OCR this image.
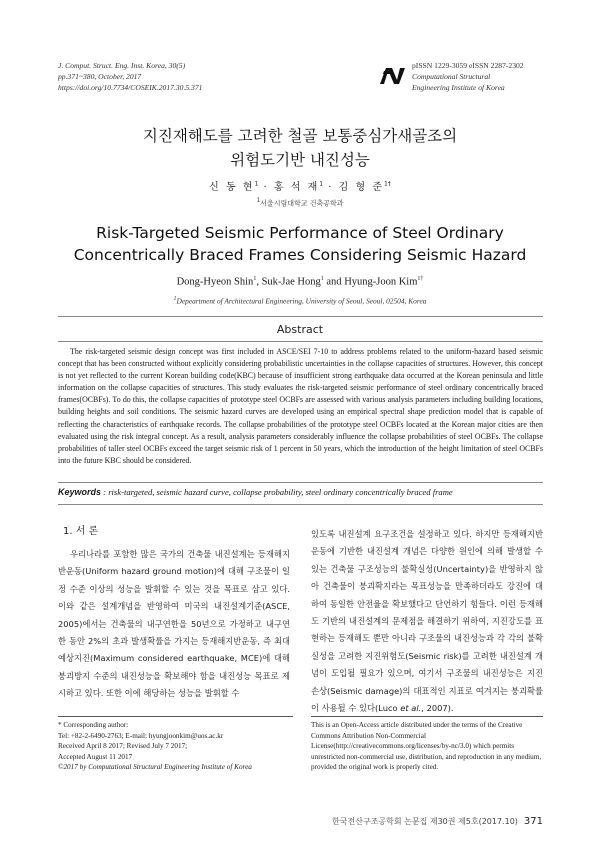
J. Comput. Struct. Eng. Inst. Korea, 30(5)
pp.371~380, October, 2017
https://doi.org/10.7734/COSEIK.2017.30.5.371
pISSN 1229-3059 eISSN 2287-2302
Computational Structural
Engineering Institute of Korea
지진재해도를 고려한 철골 보통중심가새골조의
위험도기반 내진성능
신 동 현$^1$ · 홍 석 재$^1$ · 김 형 준$^{1\dagger}$
$^1$서울시립대학교 건축공학과
Risk-Targeted Seismic Performance of Steel Ordinary
Concentrically Braced Frames Considering Seismic Hazard
Dong-Hyeon Shin$^1$, Suk-Jae Hong$^1$ and Hyung-Joon Kim$^{1\dagger}$
$^1$Depeartment of Architectural Engineering, University of Seoul, Seoul, 02504, Korea
Abstract
The risk-targeted seismic design concept was first included in ASCE/SEI 7-10 to address problems related to the uniform-hazard based seismic concept that has been constructed without explicitly considering probabilistic uncertainties in the collapse capacities of structures. However, this concept is not yet reflected to the current Korean building code(KBC) because of insufficient strong earthquake data occurred at the Korean peninsula and little information on the collapse capacities of structures. This study evaluates the risk-targeted seismic performance of steel ordinary concentrically braced frames(OCBFs). To do this, the collapse capacities of prototype steel OCBFs are assessed with various analysis parameters including building locations, building heights and soil conditions. The seismic hazard curves are developed using an empirical spectral shape prediction model that is capable of reflecting the characteristics of earthquake records. The collapse probabilities of the prototype steel OCBFs located at the Korean major cities are then evaluated using the risk integral concept. As a result, analysis parameters considerably influence the collapse probabilities of steel OCBFs. The collapse probabilities of taller steel OCBFs exceed the target seismic risk of 1 percent in 50 years, which the introduction of the height limitation of steel OCBFs into the future KBC should be considered.
Keywords : risk-targeted, seismic hazard curve, collapse probability, steel ordinary concentrically braced frame
1. 서 론
우리나라를 포함한 많은 국가의 건축물 내진설계는 등재해지반운동(Uniform hazard ground motion)에 대해 구조물이 일정 수준 이상의 성능을 발휘할 수 있는 것을 목표로 삼고 있다. 이와 같은 설계개념을 반영하여 미국의 내진설계기준(ASCE, 2005)에서는 건축물의 내구연한을 50년으로 가정하고 내구연한 동안 2%의 초과 발생확률을 가지는 등재해지반운동, 즉 최대예상지진(Maximum considered earthquake, MCE)에 대해 붕괴방지 수준의 내진성능을 확보해야 함을 내진성능 목표로 제시하고 있다. 또한 이에 해당하는 성능을 발휘할 수
있도록 내진설계 요구조건을 설정하고 있다. 하지만 등재해지반운동에 기반한 내진설계 개념은 다양한 원인에 의해 발생할 수 있는 건축물 구조성능의 불확실성(Uncertainty)을 반영하지 않아 건축물이 붕괴확지라는 목표성능을 만족하더라도 강진에 대하여 동일한 안전율을 확보했다고 단언하기 힘들다. 이런 등재해도 기반의 내진설계의 문제점을 해결하기 위하여, 지진강도를 표현하는 등재해도 뿐만 아니라 구조물의 내진성능과 각 각의 불확실성을 고려한 지진위험도(Seismic risk)를 고려한 내진설계 개념이 도입될 필요가 있으며, 여기서 구조물의 내진성능은 지진 손상(Seismic damage)의 대표적인 지표로 여겨지는 붕괴확률이 사용될 수 있다(Luco et al., 2007).
* Corresponding author:
Tel: +82-2-6490-2763; E-mail: hyungjoonkim@uos.ac.kr
Received April 8 2017; Revised July 7 2017;
Accepted August 11 2017
©2017 by Computational Structural Engineering Institute of Korea
This is an Open-Access article distributed under the terms of the Creative Commons Attribution Non-Commercial License(http://creativecommons.org/licenses/by-nc/3.0) which permits unrestricted non-commercial use, distribution, and reproduction in any medium, provided the original work is properly cited.
한국전산구조공학회 논문집 제30권 제5호(2017.10) 371
